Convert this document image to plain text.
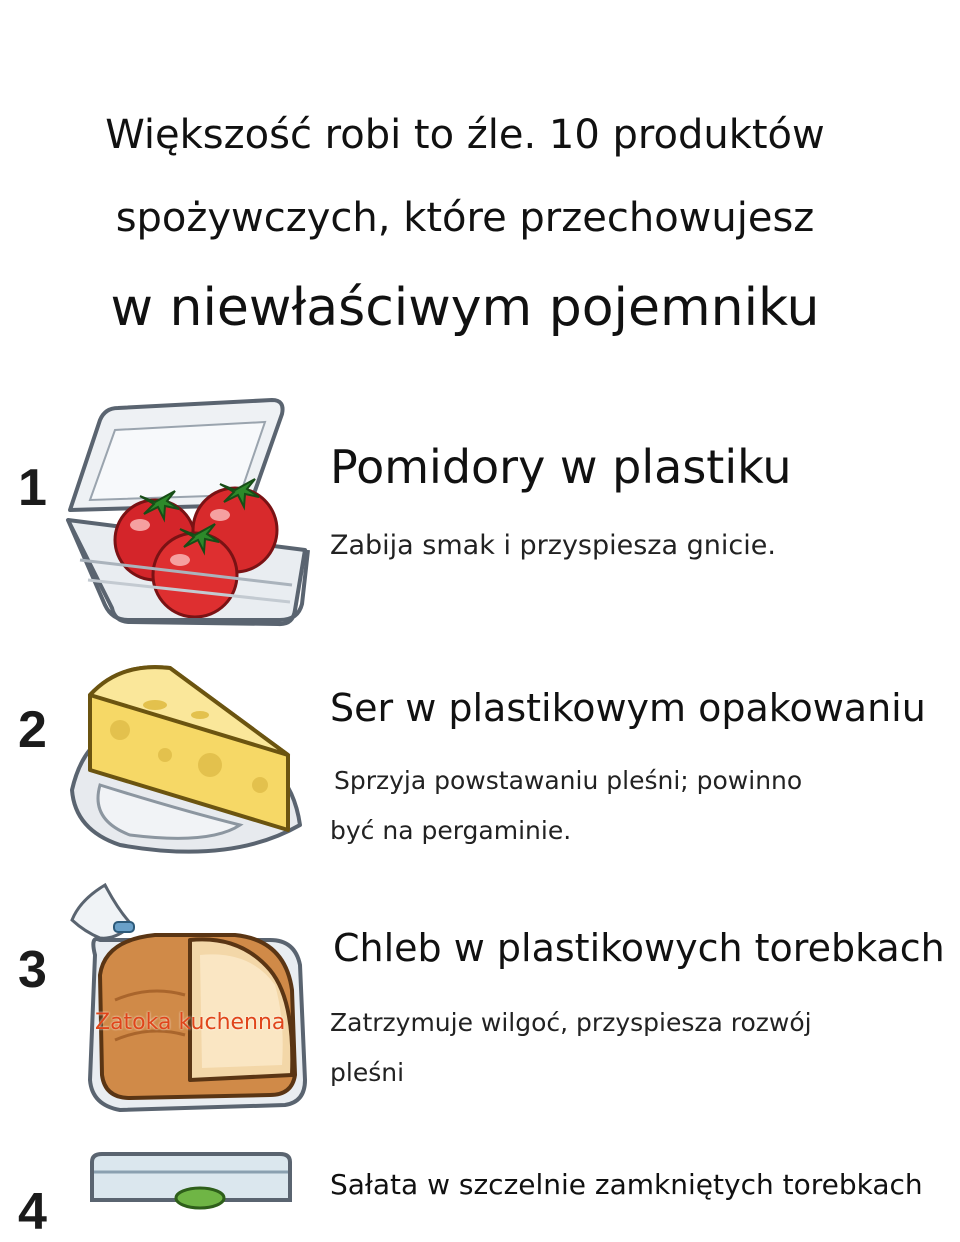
Większość robi to źle. 10 produktów
spożywczych, które przechowujesz
w niewłaściwym pojemniku
1	Pomidory w plastiku
Zabija smak i przyspiesza gnicie.
2	Ser w plastikowym opakowaniu
Sprzyja powstawaniu pleśni; powinno
być na pergaminie.
3	Chleb w plastikowych torebkach
Zatrzymuje wilgoć, przyspiesza rozwój
pleśni
4	Sałata w szczelnie zamkniętych torebkach
Zatoka kuchenna
